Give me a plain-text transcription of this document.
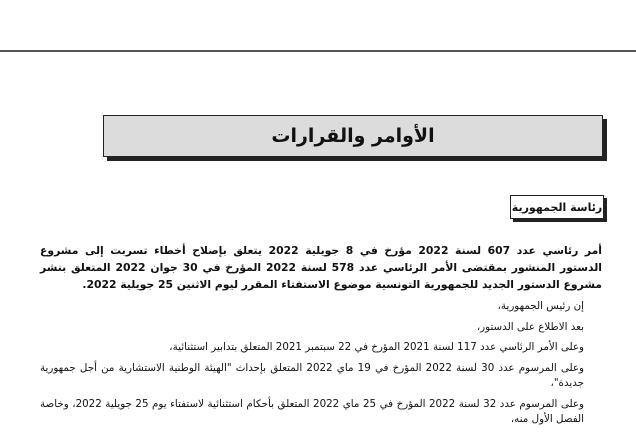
الأوامر والقرارات
رئاسة الجمهورية

أمر رئاسي عدد 607 لسنة 2022 مؤرخ في 8 جويلية 2022 يتعلق بإصلاح أخطاء تسربت إلى مشروع الدستور المنشور بمقتضى الأمر الرئاسي عدد 578 لسنة 2022 المؤرخ في 30 جوان 2022 المتعلق بنشر مشروع الدستور الجديد للجمهورية التونسية موضوع الاستفتاء المقرر ليوم الاثنين 25 جويلية 2022.

إن رئيس الجمهورية،

بعد الاطلاع على الدستور،

وعلى الأمر الرئاسي عدد 117 لسنة 2021 المؤرخ في 22 سبتمبر 2021 المتعلق بتدابير استثنائية،

وعلى المرسوم عدد 30 لسنة 2022 المؤرخ في 19 ماي 2022 المتعلق بإحداث "الهيئة الوطنية الاستشارية من أجل جمهورية جديدة"،

وعلى المرسوم عدد 32 لسنة 2022 المؤرخ في 25 ماي 2022 المتعلق بأحكام استثنائية لاستفتاء يوم 25 جويلية 2022، وخاصة الفصل الأول منه،
